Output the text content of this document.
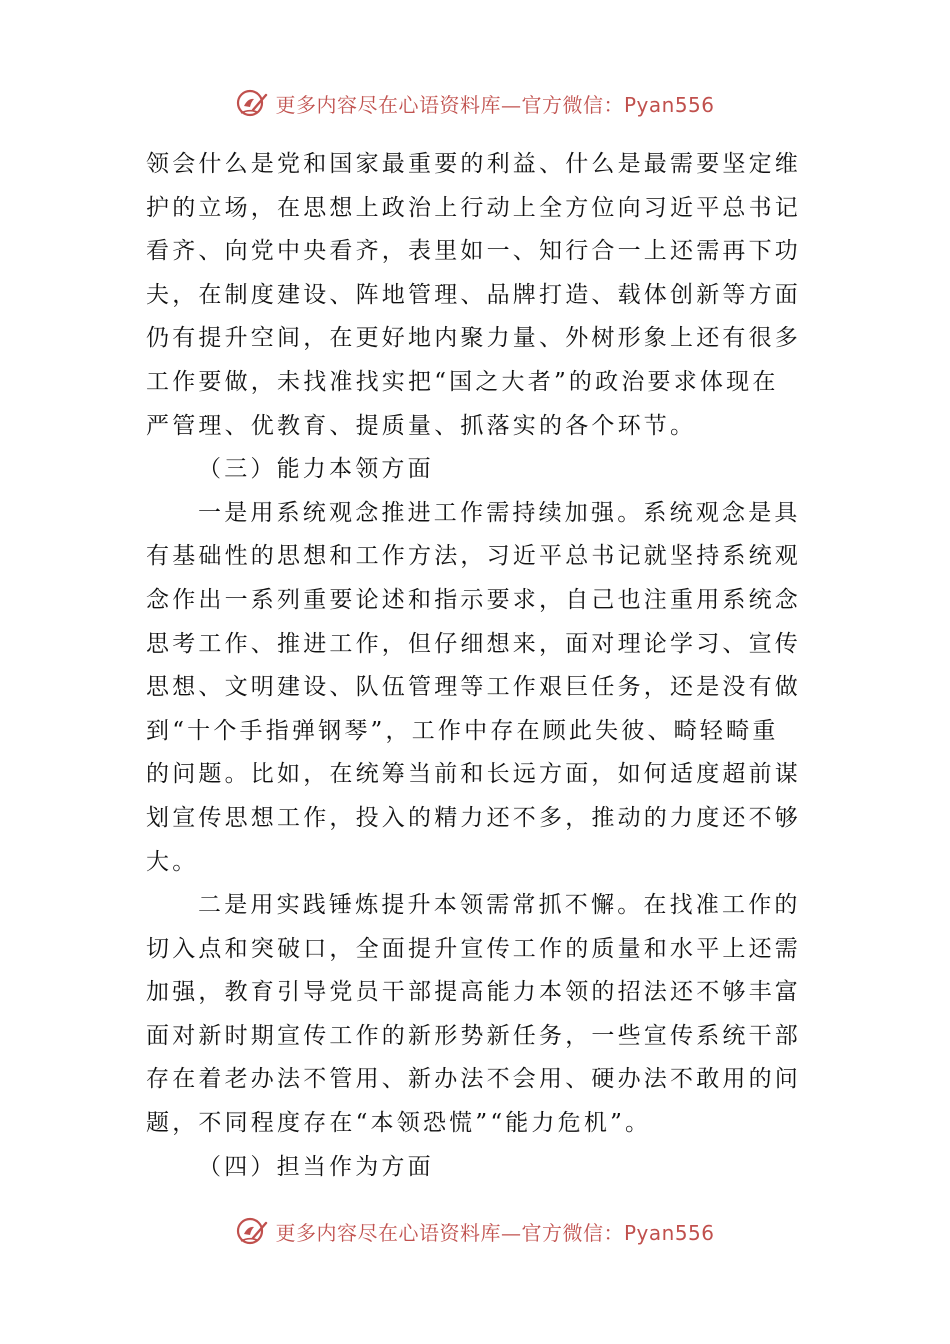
更多内容尽在心语资料库—官方微信：Pyan556
领会什么是党和国家最重要的利益、什么是最需要坚定维
护的立场，在思想上政治上行动上全方位向习近平总书记
看齐、向党中央看齐，表里如一、知行合一上还需再下功
夫，在制度建设、阵地管理、品牌打造、载体创新等方面
仍有提升空间，在更好地内聚力量、外树形象上还有很多
工作要做，未找准找实把“国之大者”的政治要求体现在
严管理、优教育、提质量、抓落实的各个环节。
（三）能力本领方面
一是用系统观念推进工作需持续加强。系统观念是具
有基础性的思想和工作方法，习近平总书记就坚持系统观
念作出一系列重要论述和指示要求，自己也注重用系统念
思考工作、推进工作，但仔细想来，面对理论学习、宣传
思想、文明建设、队伍管理等工作艰巨任务，还是没有做
到“十个手指弹钢琴”，工作中存在顾此失彼、畸轻畸重
的问题。比如，在统筹当前和长远方面，如何适度超前谋
划宣传思想工作，投入的精力还不多，推动的力度还不够
大。
二是用实践锤炼提升本领需常抓不懈。在找准工作的
切入点和突破口，全面提升宣传工作的质量和水平上还需
加强，教育引导党员干部提高能力本领的招法还不够丰富
面对新时期宣传工作的新形势新任务，一些宣传系统干部
存在着老办法不管用、新办法不会用、硬办法不敢用的问
题，不同程度存在“本领恐慌”“能力危机”。
（四）担当作为方面
更多内容尽在心语资料库—官方微信：Pyan556
